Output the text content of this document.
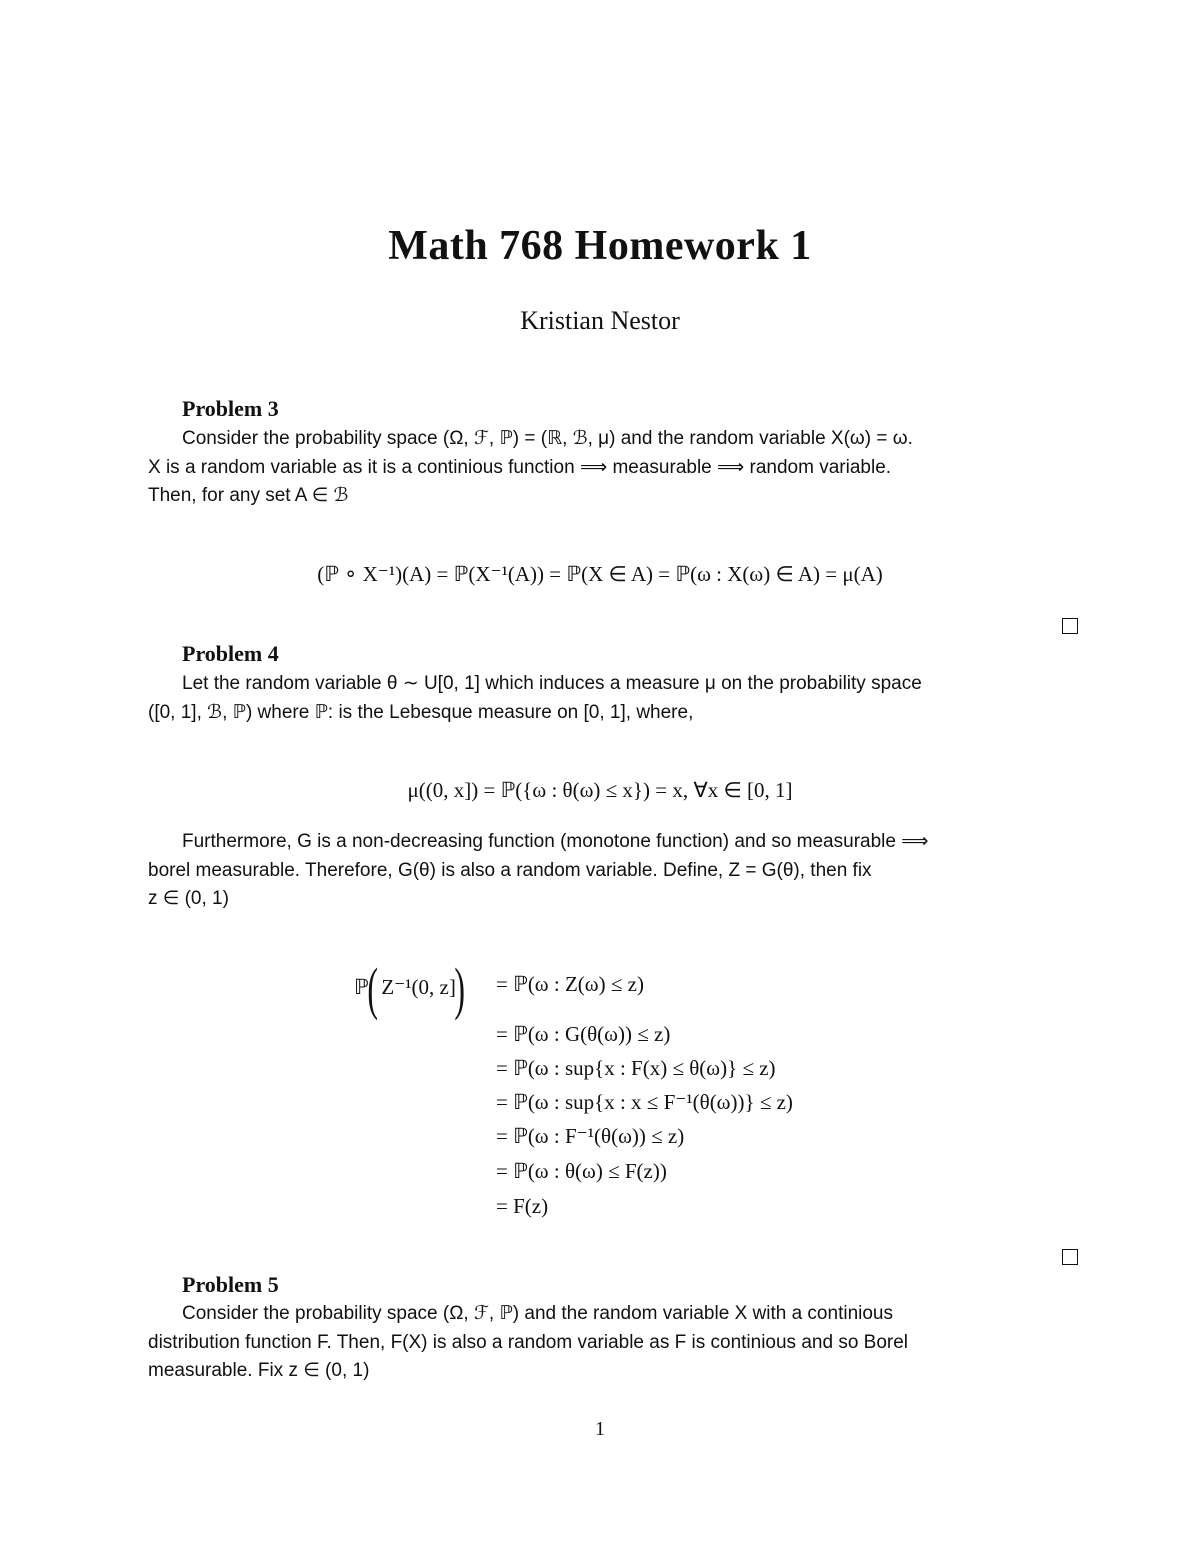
Math 768 Homework 1
Kristian Nestor
Problem 3
Consider the probability space (Ω, ℱ, ℙ) = (ℝ, ℬ, μ) and the random variable X(ω) = ω.
X is a random variable as it is a continious function ⟹ measurable ⟹ random variable.
Then, for any set A ∈ ℬ
(ℙ ∘ X⁻¹)(A) = ℙ(X⁻¹(A)) = ℙ(X ∈ A) = ℙ(ω : X(ω) ∈ A) = μ(A)
Problem 4
Let the random variable θ ∼ U[0, 1] which induces a measure μ on the probability space
([0, 1], ℬ, ℙ) where ℙ: is the Lebesque measure on [0, 1], where,
μ((0, x]) = ℙ({ω : θ(ω) ≤ x}) = x, ∀x ∈ [0, 1]
Furthermore, G is a non-decreasing function (monotone function) and so measurable ⟹
borel measurable. Therefore, G(θ) is also a random variable. Define, Z = G(θ), then fix
z ∈ (0, 1)
ℙ( Z⁻¹(0, z]) = ℙ(ω : Z(ω) ≤ z)
= ℙ(ω : G(θ(ω)) ≤ z)
= ℙ(ω : sup{x : F(x) ≤ θ(ω)} ≤ z)
= ℙ(ω : sup{x : x ≤ F⁻¹(θ(ω))} ≤ z)
= ℙ(ω : F⁻¹(θ(ω)) ≤ z)
= ℙ(ω : θ(ω) ≤ F(z))
= F(z)
Problem 5
Consider the probability space (Ω, ℱ, ℙ) and the random variable X with a continious
distribution function F. Then, F(X) is also a random variable as F is continious and so Borel
measurable. Fix z ∈ (0, 1)
1
